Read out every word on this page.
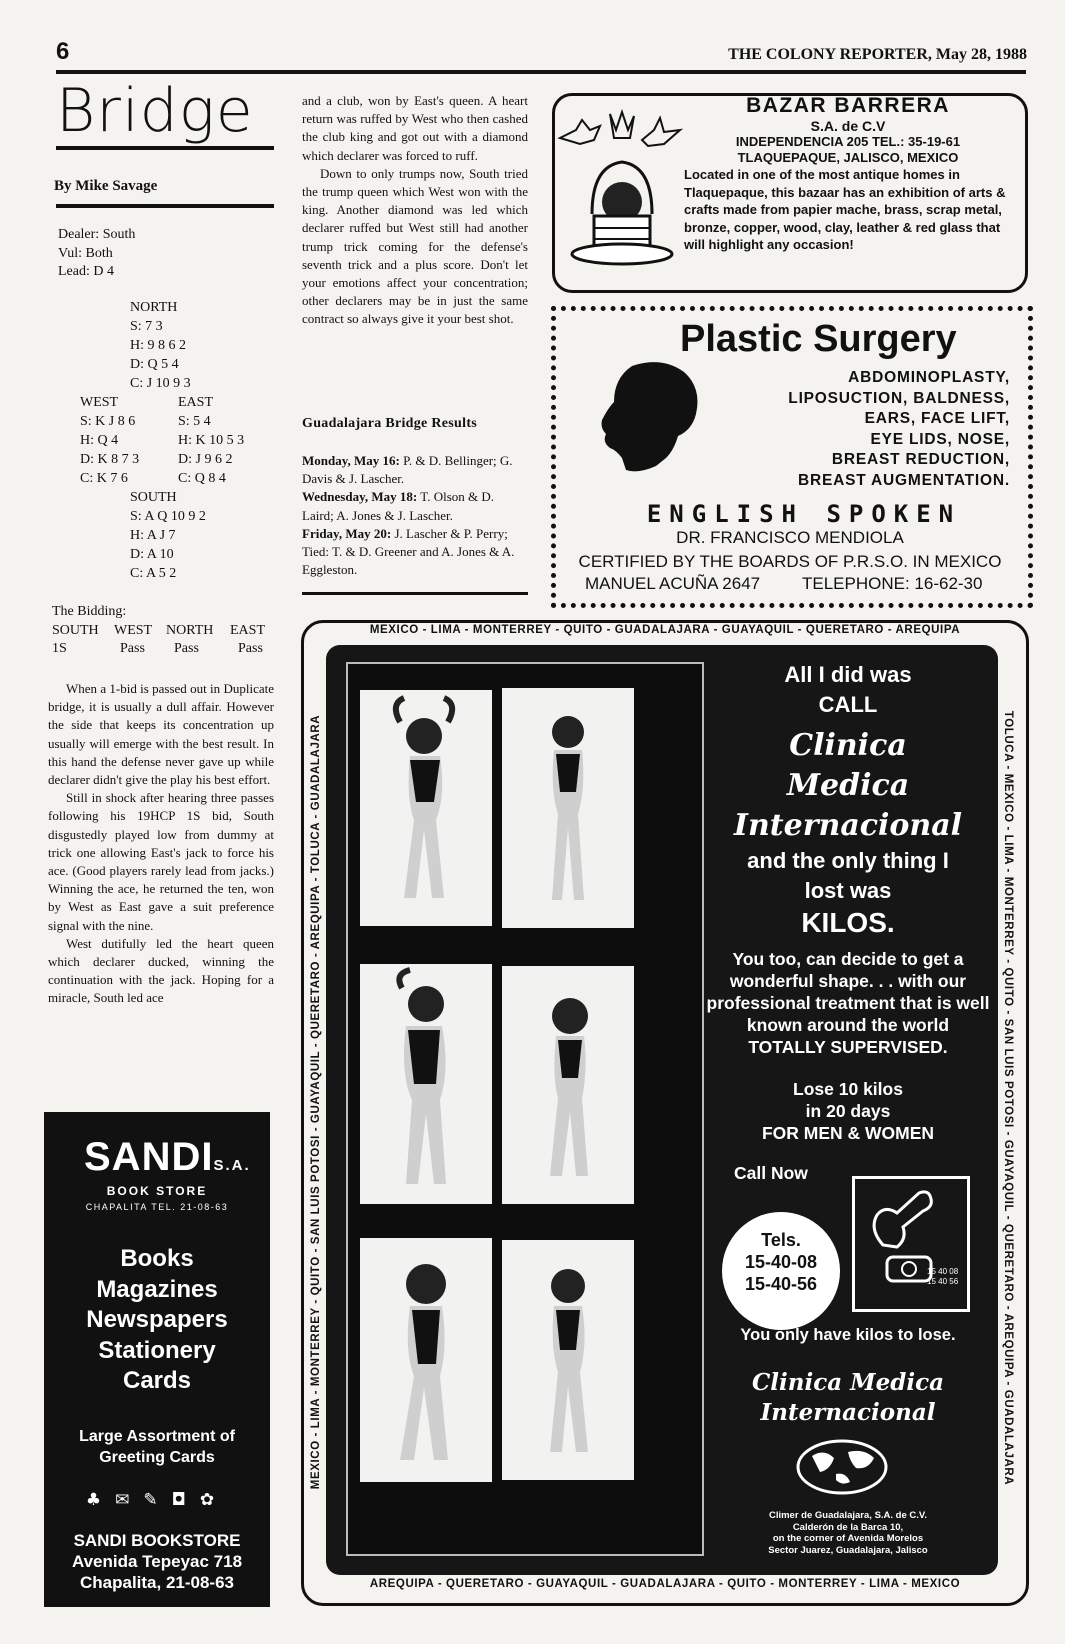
6	THE COLONY REPORTER, May 28, 1988
Bridge
By Mike Savage
Dealer: South
Vul: Both
Lead: D 4
NORTH
S: 7 3
H: 9 8 6 2
D: Q 5 4
C: J 10 9 3
WEST
S: K J 8 6
H: Q 4
D: K 8 7 3
C: K 7 6
EAST
S: 5 4
H: K 10 5 3
D: J 9 6 2
C: Q 8 4
SOUTH
S: A Q 10 9 2
H: A J 7
D: A 10
C: A 5 2
The Bidding:
SOUTH	WEST NORTH	EAST
1S	Pass	Pass	Pass

When a 1-bid is passed out in Duplicate bridge, it is usually a dull affair. However the side that keeps its concentration up usually will emerge with the best result. In this hand the defense never gave up while declarer didn't give the play his best effort.

Still in shock after hearing three passes following his 19HCP 1S bid, South disgustedly played low from dummy at trick one allowing East's jack to force his ace. (Good players rarely lead from jacks.) Winning the ace, he returned the ten, won by West as East gave a suit preference signal with the nine.

West dutifully led the heart queen which declarer ducked, winning the continuation with the jack. Hoping for a miracle, South led ace

and a club, won by East's queen. A heart return was ruffed by West who then cashed the club king and got out with a diamond which declarer was forced to ruff.

Down to only trumps now, South tried the trump queen which West won with the king. Another diamond was led which declarer ruffed but West still had another trump trick coming for the defense's seventh trick and a plus score. Don't let your emotions affect your concentration; other declarers may be in just the same contract so always give it your best shot.

Guadalajara Bridge Results
Monday, May 16: P. & D. Bellinger; G. Davis & J. Lascher.
Wednesday, May 18: T. Olson & D. Laird; A. Jones & J. Lascher.
Friday, May 20: J. Lascher & P. Perry; Tied: T. & D. Greener and A. Jones & A. Eggleston.
BAZAR BARRERA
S.A. de C.V
INDEPENDENCIA 205 TEL.: 35-19-61
TLAQUEPAQUE, JALISCO, MEXICO
Located in one of the most antique homes in Tlaquepaque, this bazaar has an exhibition of arts & crafts made from papier mache, brass, scrap metal, bronze, copper, wood, clay, leather & red glass that will highlight any occasion!
Plastic Surgery
ABDOMINOPLASTY,
LIPOSUCTION, BALDNESS,
EARS, FACE LIFT,
EYE LIDS, NOSE,
BREAST REDUCTION,
BREAST AUGMENTATION.
ENGLISH SPOKEN
DR. FRANCISCO MENDIOLA
CERTIFIED BY THE BOARDS OF P.R.S.O. IN MEXICO
MANUEL ACUÑA 2647 TELEPHONE: 16-62-30
MEXICO - LIMA - MONTERREY - QUITO - GUADALAJARA - GUAYAQUIL - QUERETARO - AREQUIPA
AREQUIPA - QUERETARO - GUAYAQUIL - GUADALAJARA - QUITO - MONTERREY - LIMA - MEXICO
MEXICO - LIMA - MONTERREY - QUITO - SAN LUIS POTOSI - GUAYAQUIL - QUERETARO - AREQUIPA - TOLUCA - GUADALAJARA	TOLUCA - MEXICO - LIMA - MONTERREY - QUITO - SAN LUIS POTOSI - GUAYAQUIL - QUERETARO - AREQUIPA - GUADALAJARA
All I did was
CALL
Clinica
Medica
Internacional
and the only thing I
lost was
KILOS.
You too, can decide to get a wonderful shape. . . with our professional treatment that is well known around the world TOTALLY SUPERVISED.
Lose 10 kilos
in 20 days
FOR MEN & WOMEN
Call Now
Tels.
15-40-08
15-40-56
15 40 08
15 40 56
You only have kilos to lose.
Clinica Medica
Internacional
Climer de Guadalajara, S.A. de C.V.
Calderón de la Barca 10,
on the corner of Avenida Morelos
Sector Juarez, Guadalajara, Jalisco
SANDIS.A.
BOOK STORE
CHAPALITA TEL. 21-08-63
Books
Magazines
Newspapers
Stationery
Cards
Large Assortment of
Greeting Cards
♣✉✎◘✿
SANDI BOOKSTORE
Avenida Tepeyac 718
Chapalita, 21-08-63
